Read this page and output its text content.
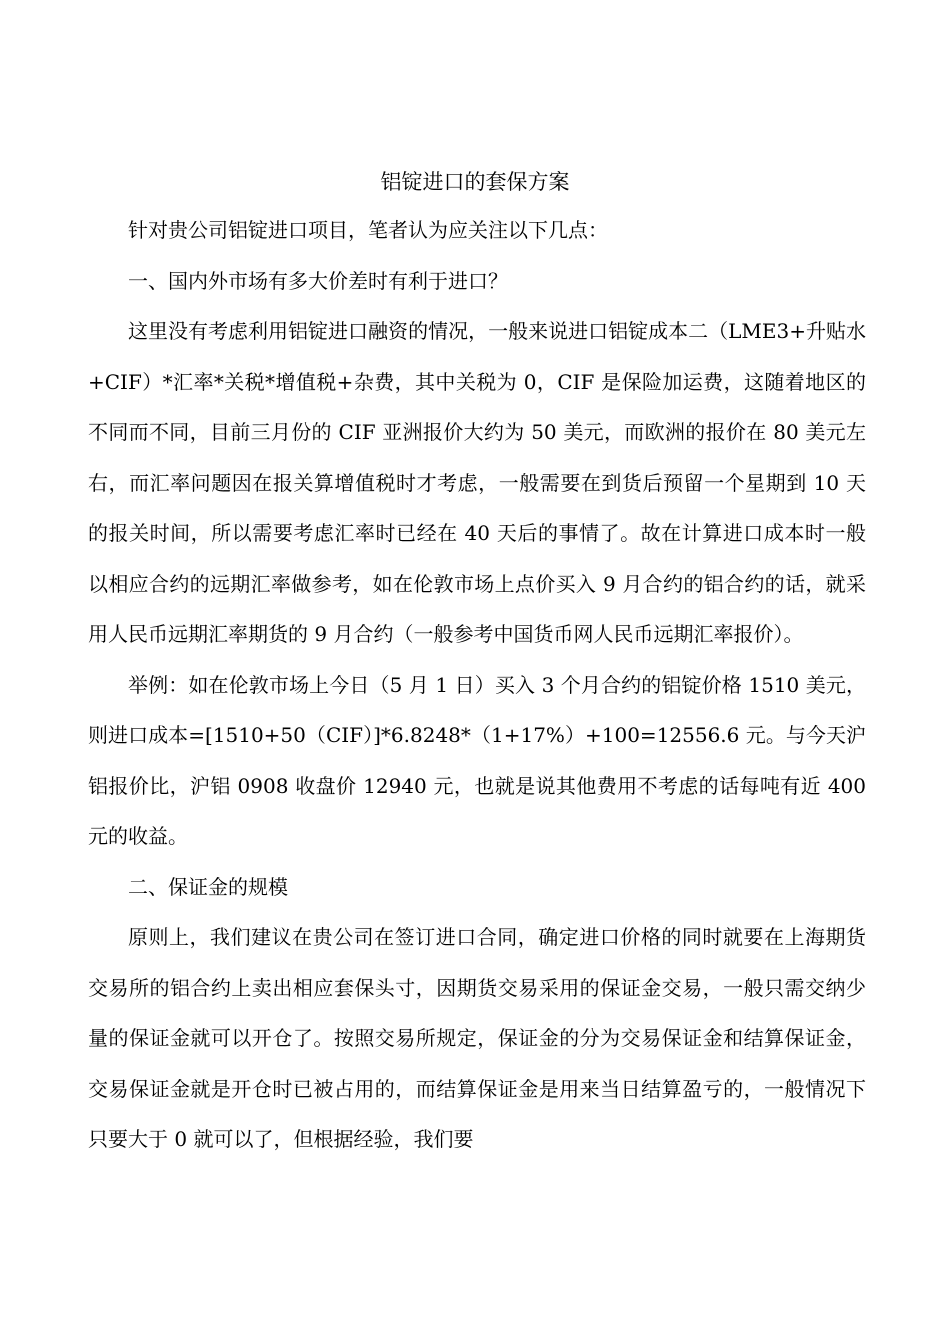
铝锭进口的套保方案

针对贵公司铝锭进口项目，笔者认为应关注以下几点：

一、国内外市场有多大价差时有利于进口？

这里没有考虑利用铝锭进口融资的情况，一般来说进口铝锭成本二（LME3+升贴水+CIF）*汇率*关税*增值税+杂费，其中关税为 0，CIF 是保险加运费，这随着地区的不同而不同，目前三月份的 CIF 亚洲报价大约为 50 美元，而欧洲的报价在 80 美元左右，而汇率问题因在报关算增值税时才考虑，一般需要在到货后预留一个星期到 10 天的报关时间，所以需要考虑汇率时已经在 40 天后的事情了。故在计算进口成本时一般以相应合约的远期汇率做参考，如在伦敦市场上点价买入 9 月合约的铝合约的话，就采用人民币远期汇率期货的 9 月合约（一般参考中国货币网人民币远期汇率报价）。

举例：如在伦敦市场上今日（5 月 1 日）买入 3 个月合约的铝锭价格 1510 美元，则进口成本=[1510+50（CIF）]*6.8248*（1+17%）+100=12556.6 元。与今天沪铝报价比，沪铝 0908 收盘价 12940 元，也就是说其他费用不考虑的话每吨有近 400 元的收益。

二、保证金的规模

原则上，我们建议在贵公司在签订进口合同，确定进口价格的同时就要在上海期货交易所的铝合约上卖出相应套保头寸，因期货交易采用的保证金交易，一般只需交纳少量的保证金就可以开仓了。按照交易所规定，保证金的分为交易保证金和结算保证金，交易保证金就是开仓时已被占用的，而结算保证金是用来当日结算盈亏的，一般情况下只要大于 0 就可以了，但根据经验，我们要
